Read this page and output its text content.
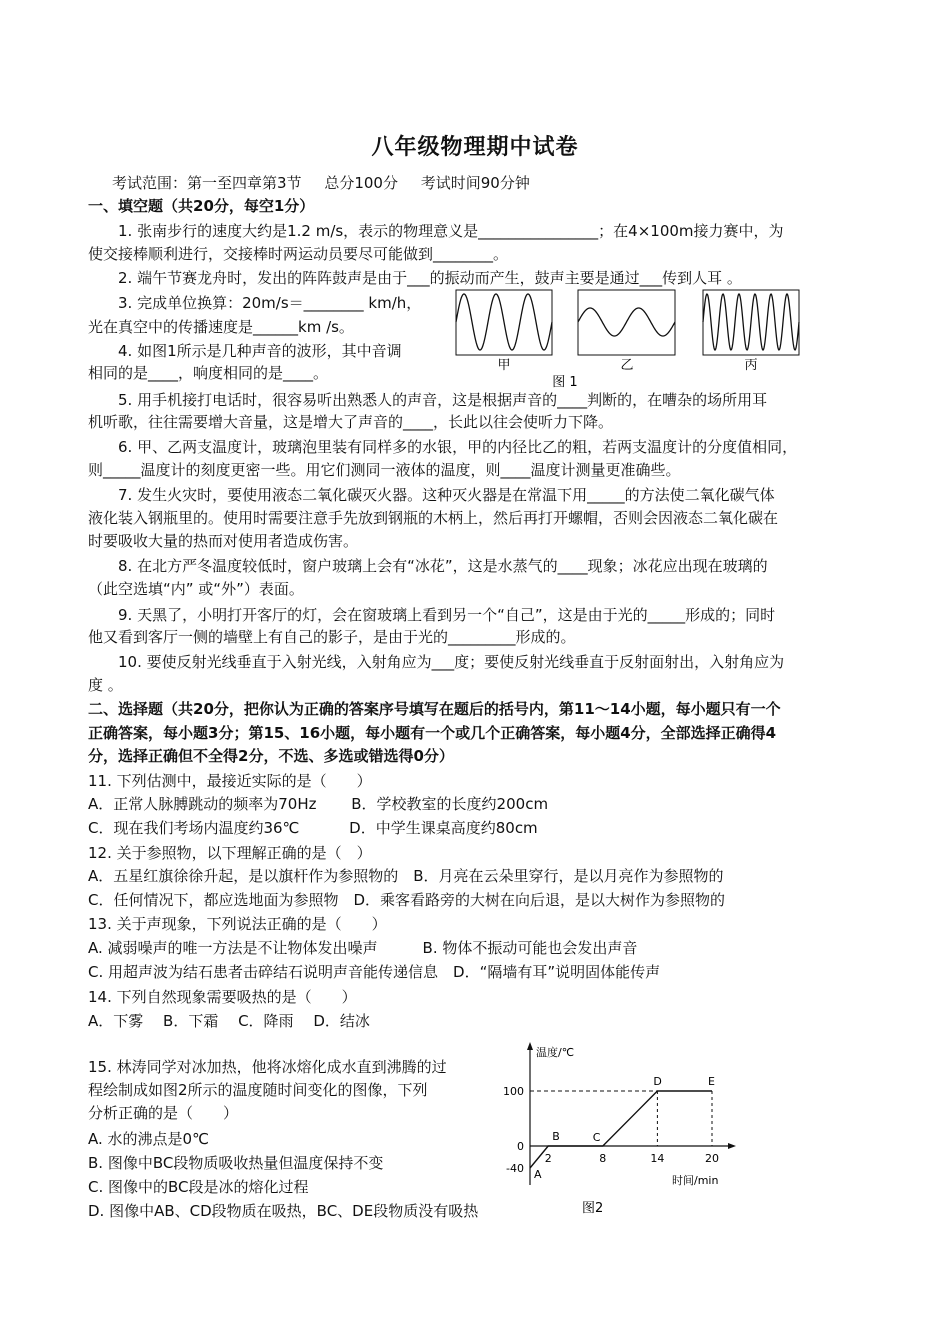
八年级物理期中试卷
考试范围：第一至四章第3节 总分100分 考试时间90分钟
一、填空题（共20分，每空1分）
1. 张南步行的速度大约是1.2 m/s，表示的物理意义是________________；在4×100m接力赛中，为
使交接棒顺利进行，交接棒时两运动员要尽可能做到________。
2. 端午节赛龙舟时，发出的阵阵鼓声是由于___的振动而产生，鼓声主要是通过___传到人耳 。
3. 完成单位换算：20m/s＝________ km/h，
光在真空中的传播速度是______km /s。
4. 如图1所示是几种声音的波形，其中音调
相同的是____，响度相同的是____。
5. 用手机接打电话时，很容易听出熟悉人的声音，这是根据声音的____判断的，在嘈杂的场所用耳
机听歌，往往需要增大音量，这是增大了声音的____，长此以往会使听力下降。
6. 甲、乙两支温度计，玻璃泡里装有同样多的水银，甲的内径比乙的粗，若两支温度计的分度值相同，
则_____温度计的刻度更密一些。用它们测同一液体的温度，则____温度计测量更准确些。
7. 发生火灾时，要使用液态二氧化碳灭火器。这种灭火器是在常温下用_____的方法使二氧化碳气体
液化装入钢瓶里的。使用时需要注意手先放到钢瓶的木柄上，然后再打开螺帽，否则会因液态二氧化碳在
时要吸收大量的热而对使用者造成伤害。
8. 在北方严冬温度较低时，窗户玻璃上会有“冰花”，这是水蒸气的____现象；冰花应出现在玻璃的
（此空选填“内” 或“外”）表面。
9. 天黑了，小明打开客厅的灯，会在窗玻璃上看到另一个“自己”，这是由于光的_____形成的；同时
他又看到客厅一侧的墙壁上有自己的影子，是由于光的_________形成的。
10. 要使反射光线垂直于入射光线，入射角应为___度；要使反射光线垂直于反射面射出，入射角应为
度 。
甲	乙	丙
图 1
二、选择题（共20分，把你认为正确的答案序号填写在题后的括号内，第11～14小题，每小题只有一个
正确答案，每小题3分；第15、16小题，每小题有一个或几个正确答案，每小题4分，全部选择正确得4
分，选择正确但不全得2分，不选、多选或错选得0分）
11. 下列估测中，最接近实际的是（　　）
A．正常人脉膊跳动的频率为70Hz　　 B．学校教室的长度约200cm
C．现在我们考场内温度约36℃　　　 D．中学生课桌高度约80cm
12. 关于参照物，以下理解正确的是（　）
A．五星红旗徐徐升起，是以旗杆作为参照物的　B．月亮在云朵里穿行，是以月亮作为参照物的
C．任何情况下，都应选地面为参照物　D．乘客看路旁的大树在向后退，是以大树作为参照物的
13. 关于声现象，下列说法正确的是（　　）
A. 减弱噪声的唯一方法是不让物体发出噪声　　　B. 物体不振动可能也会发出声音
C. 用超声波为结石患者击碎结石说明声音能传递信息　D．“隔墙有耳”说明固体能传声
14. 下列自然现象需要吸热的是（　　）
A．下雾　 B．下霜　 C．降雨　 D．结冰
15. 林涛同学对冰加热，他将冰熔化成水直到沸腾的过
程绘制成如图2所示的温度随时间变化的图像，下列
分析正确的是（　　）
A. 水的沸点是0℃
B. 图像中BC段物质吸收热量但温度保持不变
C. 图像中的BC段是冰的熔化过程
D. 图像中AB、CD段物质在吸热，BC、DE段物质没有吸热
温度/℃
时间/min
图2
A
B	C
D	E
2	8	14	20
100
0
-40
